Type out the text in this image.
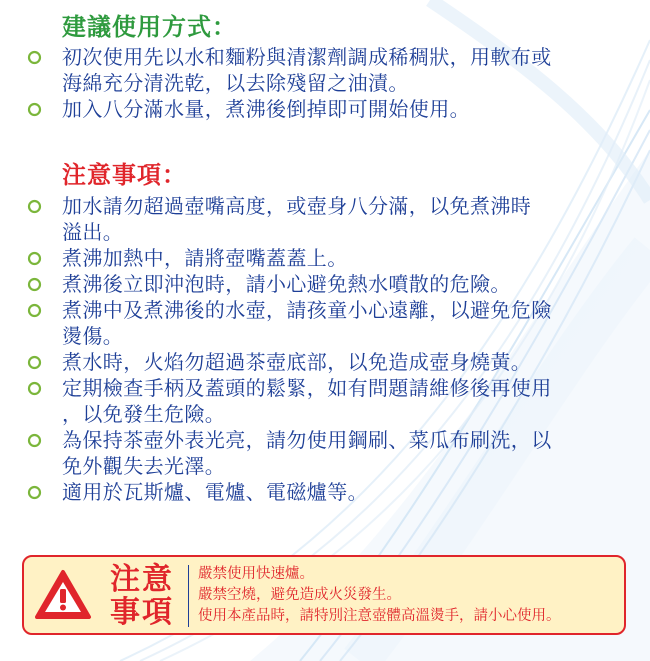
建議使用方式：
初次使用先以水和麵粉與清潔劑調成稀稠狀，用軟布或
海綿充分清洗乾，以去除殘留之油漬。
加入八分滿水量，煮沸後倒掉即可開始使用。
注意事項：
加水請勿超過壺嘴高度，或壺身八分滿，以免煮沸時
溢出。
煮沸加熱中，請將壺嘴蓋蓋上。
煮沸後立即沖泡時，請小心避免熱水噴散的危險。
煮沸中及煮沸後的水壺，請孩童小心遠離，以避免危險
燙傷。
煮水時，火焰勿超過茶壺底部，以免造成壺身燒黃。
定期檢查手柄及蓋頭的鬆緊，如有問題請維修後再使用
，以免發生危險。
為保持茶壺外表光亮，請勿使用鋼刷、菜瓜布刷洗，以
免外觀失去光澤。
適用於瓦斯爐、電爐、電磁爐等。
注意
事項
嚴禁使用快速爐。
嚴禁空燒，避免造成火災發生。
使用本產品時，請特別注意壺體高溫燙手，請小心使用。
